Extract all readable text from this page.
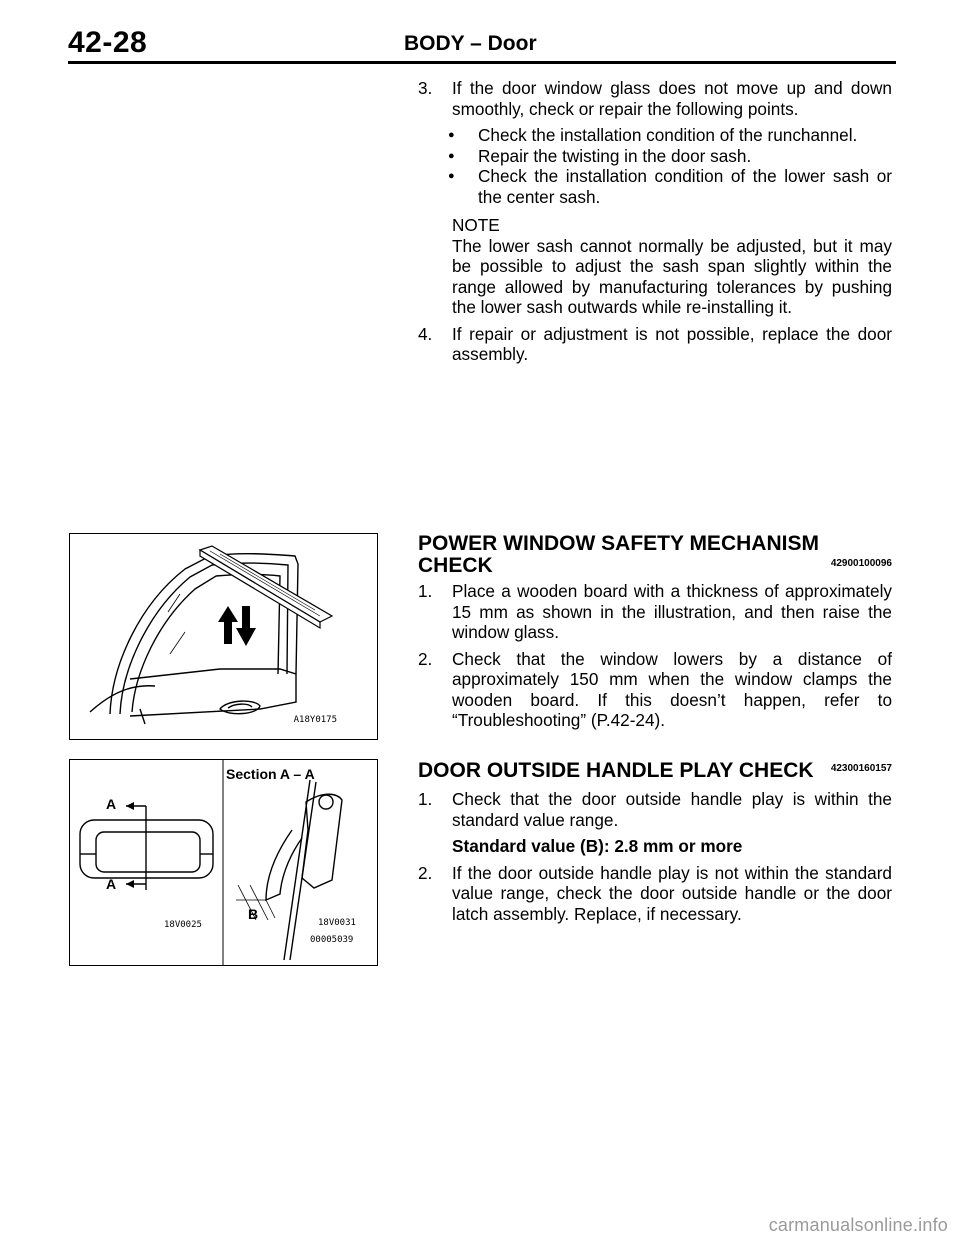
42-28	BODY – Door
3. If the door window glass does not move up and down smoothly, check or repair the following points.
● Check the installation condition of the runchannel.
● Repair the twisting in the door sash.
● Check the installation condition of the lower sash or the center sash.
NOTE
The lower sash cannot normally be adjusted, but it may be possible to adjust the sash span slightly within the range allowed by manufacturing tolerances by pushing the lower sash outwards while re-installing it.
4. If repair or adjustment is not possible, replace the door assembly.
A18Y0175
POWER WINDOW SAFETY MECHANISM
CHECK	42900100096
1. Place a wooden board with a thickness of approximately 15 mm as shown in the illustration, and then raise the window glass.
2. Check that the window lowers by a distance of approximately 150 mm when the window clamps the wooden board. If this doesn’t happen, refer to “Troubleshooting” (P.42-24).
Section A – A
A
A
B
18V0025	18V0031
00005039
DOOR OUTSIDE HANDLE PLAY CHECK 42300160157
1. Check that the door outside handle play is within the standard value range.
Standard value (B): 2.8 mm or more
2. If the door outside handle play is not within the standard value range, check the door outside handle or the door latch assembly. Replace, if necessary.
carmanualsonline.info
